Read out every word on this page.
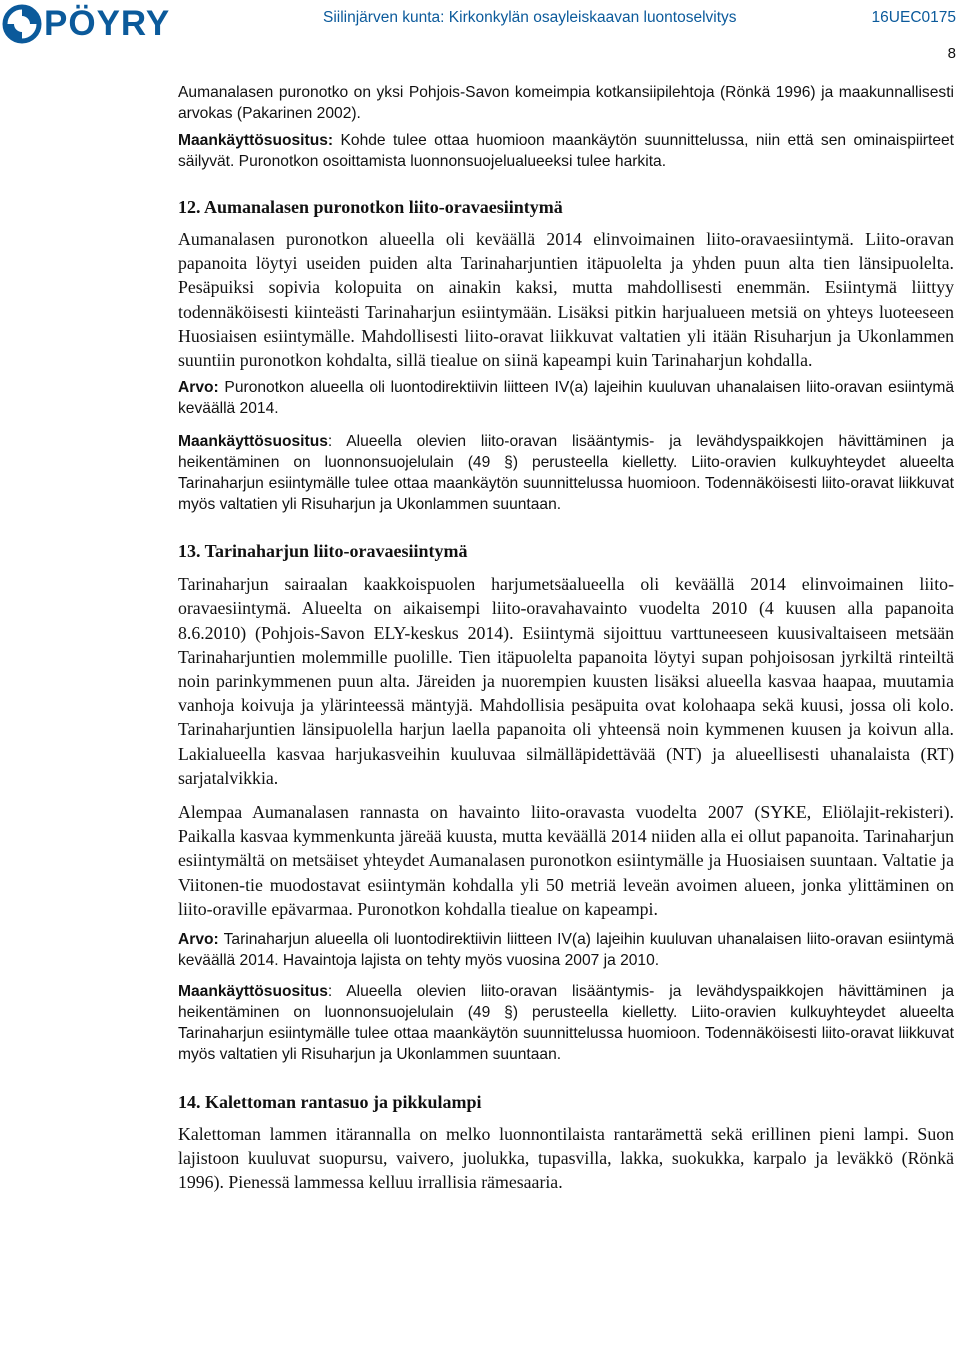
PÖYRY	Siilinjärven kunta: Kirkonkylän osayleiskaavan luontoselvitys	16UEC0175
8

Aumanalasen puronotko on yksi Pohjois-Savon komeimpia kotkansiipilehtoja (Rönkä 1996) ja maakunnallisesti arvokas (Pakarinen 2002).

Maankäyttösuositus: Kohde tulee ottaa huomioon maankäytön suunnittelussa, niin että sen ominaispiirteet säilyvät. Puronotkon osoittamista luonnonsuojelualueeksi tulee harkita.

12. Aumanalasen puronotkon liito-oravaesiintymä

Aumanalasen puronotkon alueella oli keväällä 2014 elinvoimainen liito-oravaesiintymä. Liito-oravan papanoita löytyi useiden puiden alta Tarinaharjuntien itäpuolelta ja yhden puun alta tien länsipuolelta. Pesäpuiksi sopivia kolopuita on ainakin kaksi, mutta mahdollisesti enemmän. Esiintymä liittyy todennäköisesti kiinteästi Tarinaharjun esiintymään. Lisäksi pitkin harjualueen metsiä on yhteys luoteeseen Huosiaisen esiintymälle. Mahdollisesti liito-oravat liikkuvat valtatien yli itään Risuharjun ja Ukonlammen suuntiin puronotkon kohdalta, sillä tiealue on siinä kapeampi kuin Tarinaharjun kohdalla.

Arvo: Puronotkon alueella oli luontodirektiivin liitteen IV(a) lajeihin kuuluvan uhanalaisen liito-oravan esiintymä keväällä 2014.

Maankäyttösuositus: Alueella olevien liito-oravan lisääntymis- ja levähdyspaikkojen hävittäminen ja heikentäminen on luonnonsuojelulain (49 §) perusteella kielletty. Liito-oravien kulkuyhteydet alueelta Tarinaharjun esiintymälle tulee ottaa maankäytön suunnittelussa huomioon. Todennäköisesti liito-oravat liikkuvat myös valtatien yli Risuharjun ja Ukonlammen suuntaan.

13. Tarinaharjun liito-oravaesiintymä

Tarinaharjun sairaalan kaakkoispuolen harjumetsäalueella oli keväällä 2014 elinvoimainen liito-oravaesiintymä. Alueelta on aikaisempi liito-oravahavainto vuodelta 2010 (4 kuusen alla papanoita 8.6.2010) (Pohjois-Savon ELY-keskus 2014). Esiintymä sijoittuu varttuneeseen kuusivaltaiseen metsään Tarinaharjuntien molemmille puolille. Tien itäpuolelta papanoita löytyi supan pohjoisosan jyrkiltä rinteiltä noin parinkymmenen puun alta. Järeiden ja nuorempien kuusten lisäksi alueella kasvaa haapaa, muutamia vanhoja koivuja ja ylärinteessä mäntyjä. Mahdollisia pesäpuita ovat kolohaapa sekä kuusi, jossa oli kolo. Tarinaharjuntien länsipuolella harjun laella papanoita oli yhteensä noin kymmenen kuusen ja koivun alla. Lakialueella kasvaa harjukasveihin kuuluvaa silmälläpidettävää (NT) ja alueellisesti uhanalaista (RT) sarjatalvikkia.

Alempaa Aumanalasen rannasta on havainto liito-oravasta vuodelta 2007 (SYKE, Eliölajit-rekisteri). Paikalla kasvaa kymmenkunta järeää kuusta, mutta keväällä 2014 niiden alla ei ollut papanoita. Tarinaharjun esiintymältä on metsäiset yhteydet Aumanalasen puronotkon esiintymälle ja Huosiaisen suuntaan. Valtatie ja Viitonen-tie muodostavat esiintymän kohdalla yli 50 metriä leveän avoimen alueen, jonka ylittäminen on liito-oraville epävarmaa. Puronotkon kohdalla tiealue on kapeampi.

Arvo: Tarinaharjun alueella oli luontodirektiivin liitteen IV(a) lajeihin kuuluvan uhanalaisen liito-oravan esiintymä keväällä 2014. Havaintoja lajista on tehty myös vuosina 2007 ja 2010.

Maankäyttösuositus: Alueella olevien liito-oravan lisääntymis- ja levähdyspaikkojen hävittäminen ja heikentäminen on luonnonsuojelulain (49 §) perusteella kielletty. Liito-oravien kulkuyhteydet alueelta Tarinaharjun esiintymälle tulee ottaa maankäytön suunnittelussa huomioon. Todennäköisesti liito-oravat liikkuvat myös valtatien yli Risuharjun ja Ukonlammen suuntaan.

14. Kalettoman rantasuo ja pikkulampi

Kalettoman lammen itärannalla on melko luonnontilaista rantarämettä sekä erillinen pieni lampi. Suon lajistoon kuuluvat suopursu, vaivero, juolukka, tupasvilla, lakka, suokukka, karpalo ja leväkkö (Rönkä 1996). Pienessä lammessa kelluu irrallisia rämesaaria.
